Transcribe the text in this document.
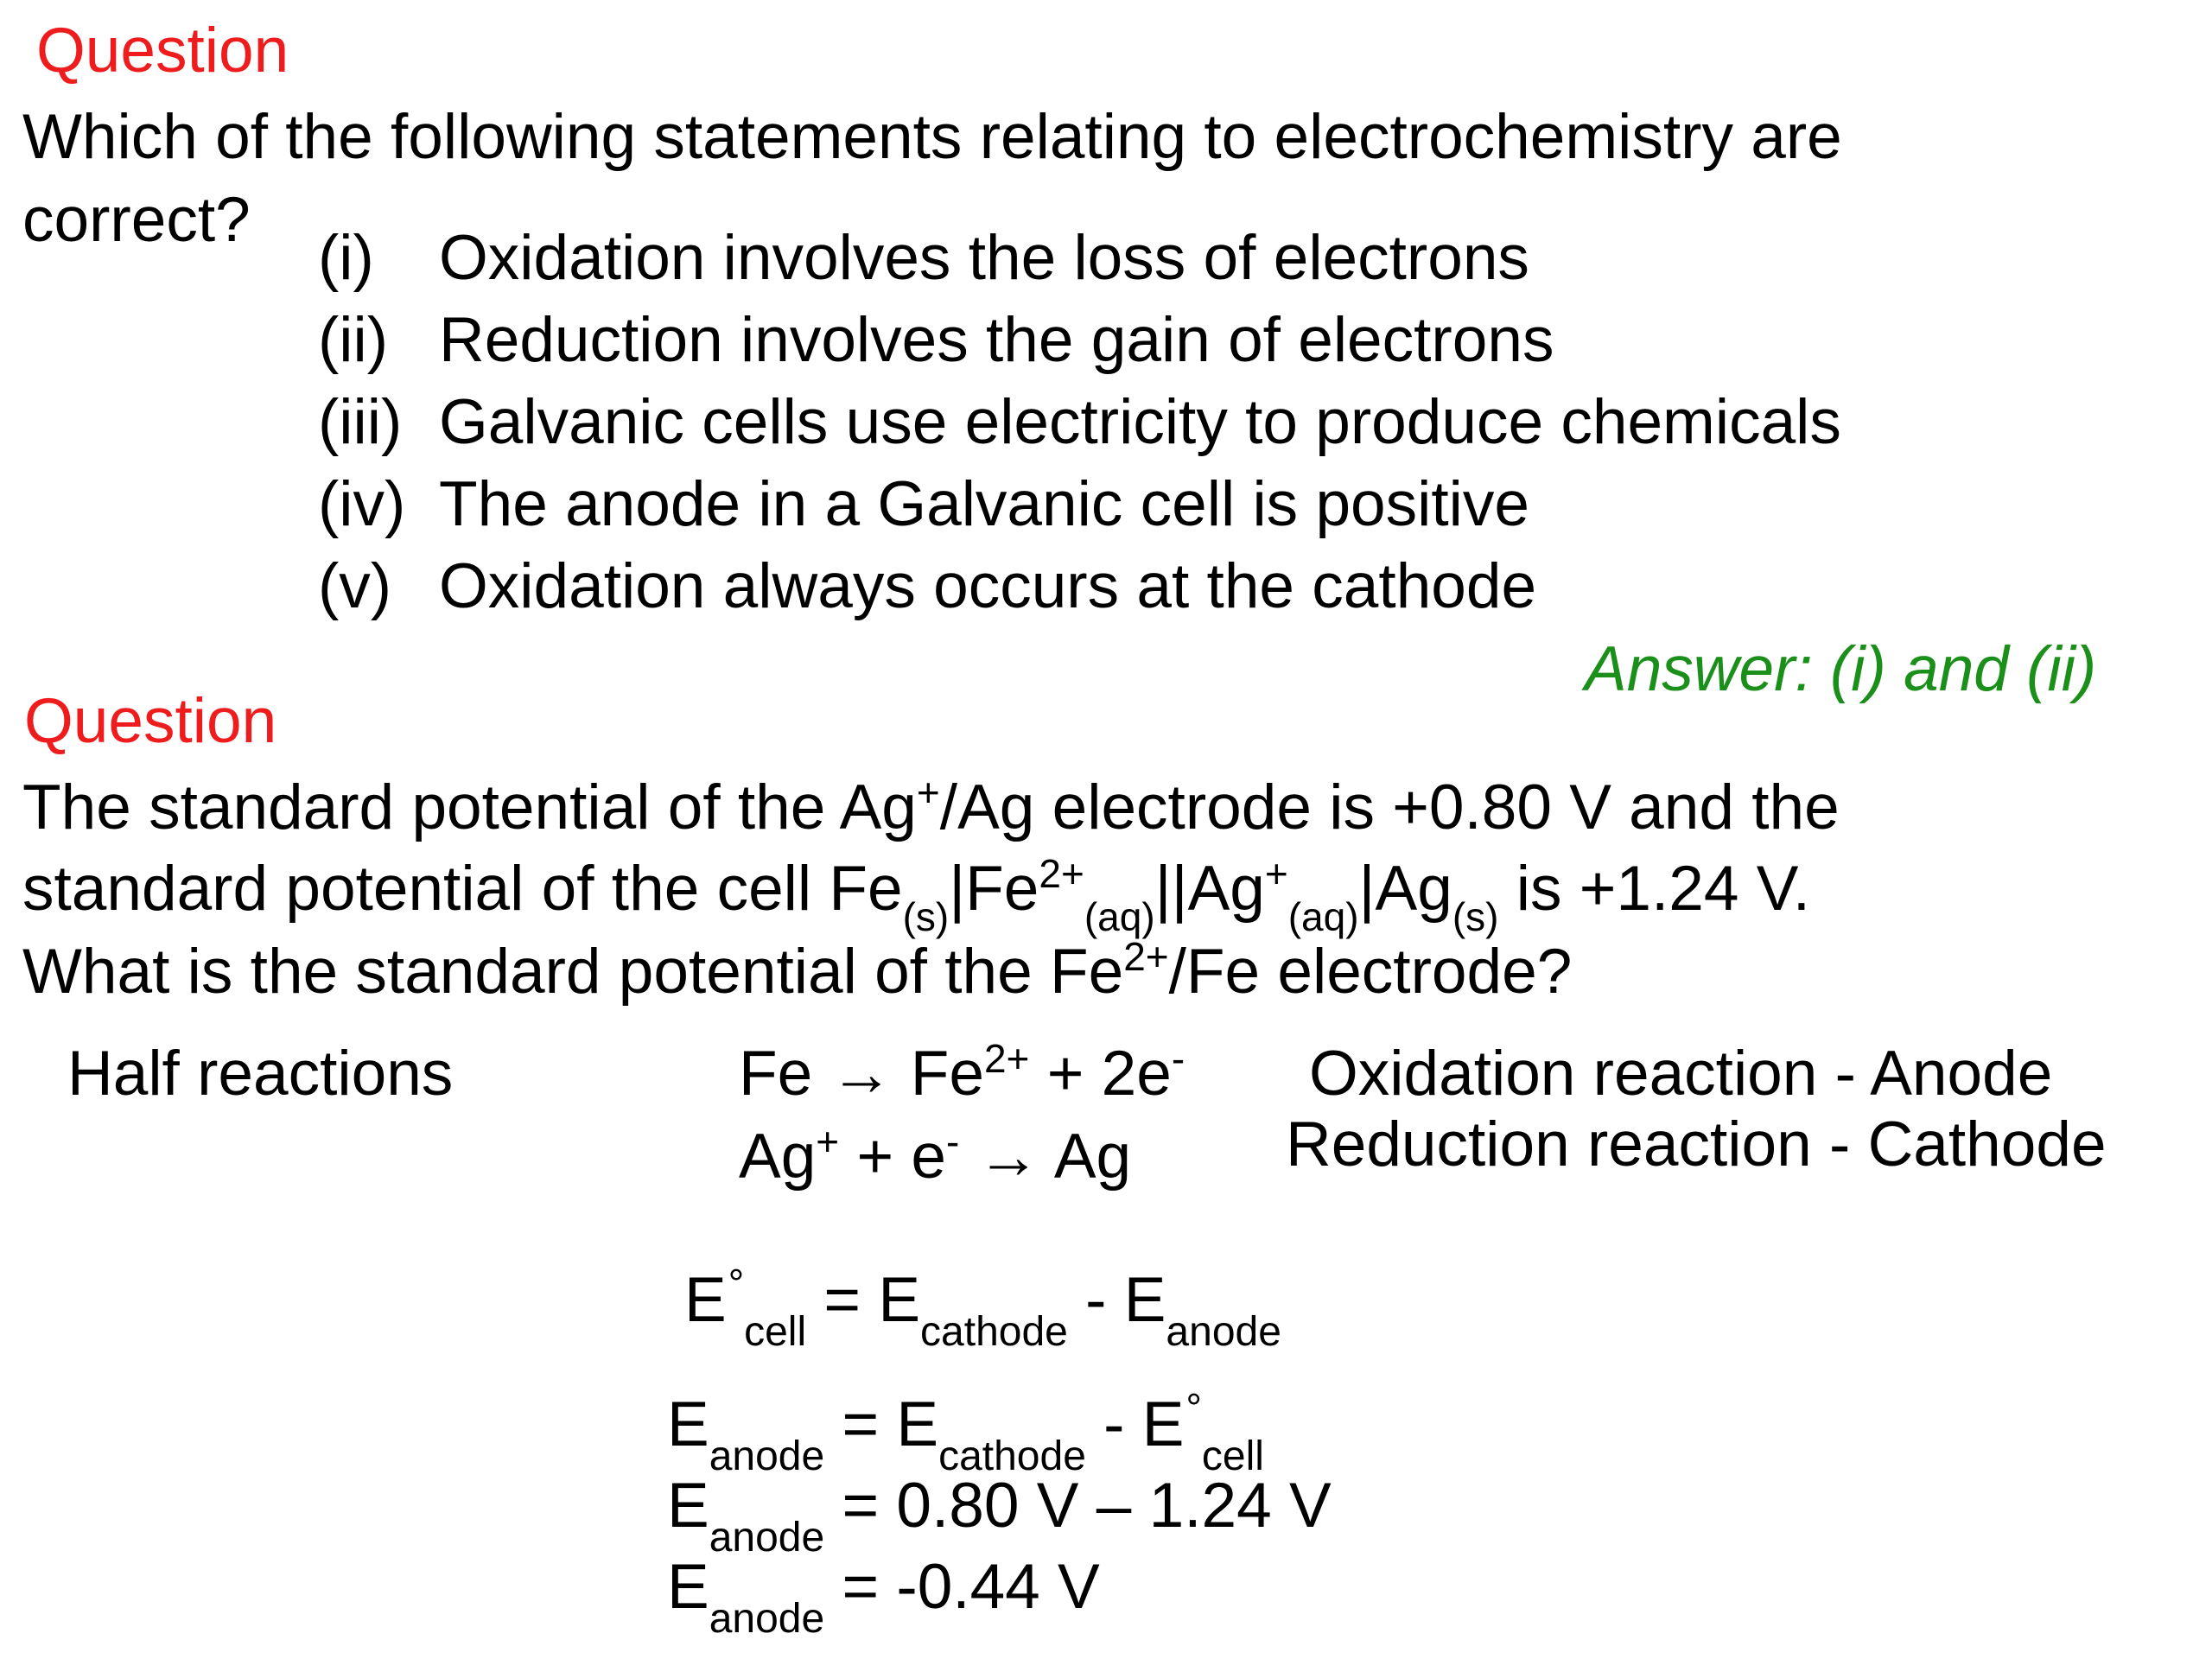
Question
Which of the following statements relating to electrochemistry are
correct?
(i) Oxidation involves the loss of electrons
(ii) Reduction involves the gain of electrons
(iii) Galvanic cells use electricity to produce chemicals
(iv) The anode in a Galvanic cell is positive
(v) Oxidation always occurs at the cathode
Answer: (i) and (ii)
Question
The standard potential of the Ag+/Ag electrode is +0.80 V and the
standard potential of the cell $Fe_{(s)}|Fe^{2+}_{(aq)}||Ag^+_{(aq)}|Ag_{(s)}$ is +1.24 V.
What is the standard potential of the $Fe^{2+}/Fe$ electrode?
Half reactions	$Fe \to Fe^{2+} + 2e^-$ Oxidation reaction - Anode
Ag+ + e- → Ag Reduction reaction - Cathode
$E^\circ_{cell} = E_{cathode} - E_{anode}$
$E_{anode} = E_{cathode} - E^\circ_{cell}$
$E_{anode} = 0.80$ V – 1.24 V
$E_{anode} = -0.44$ V
